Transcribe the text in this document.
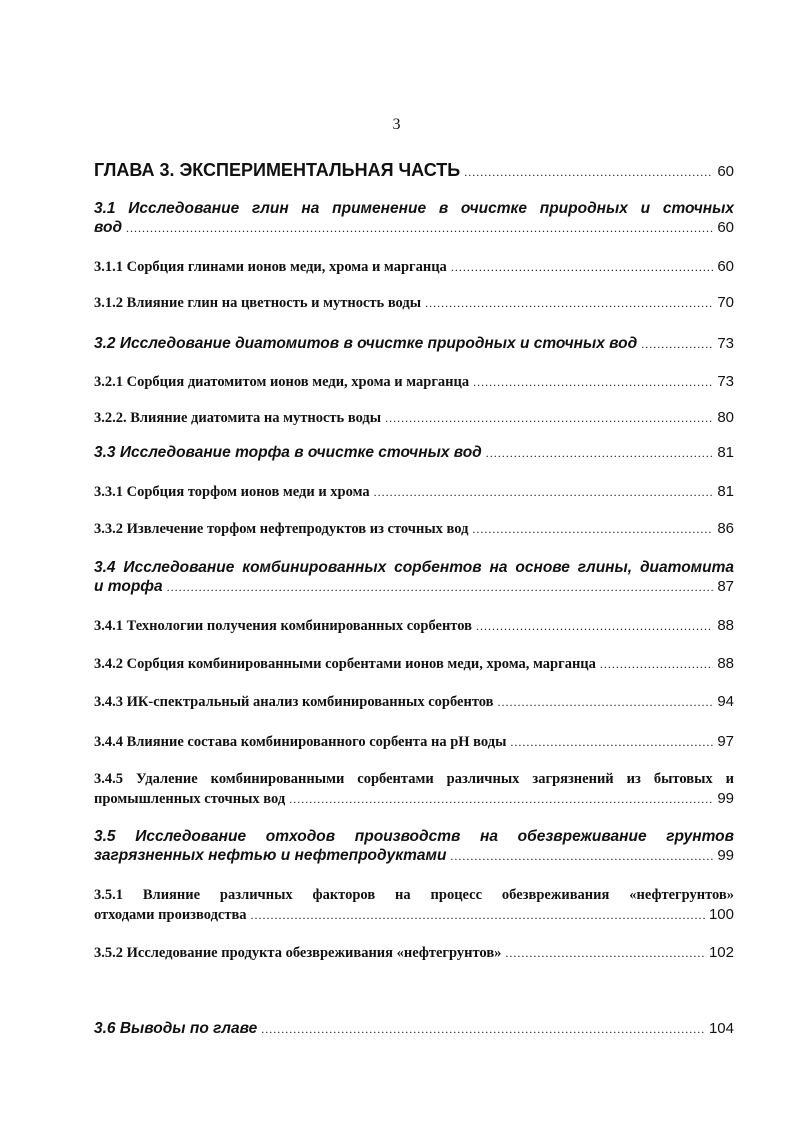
3
ГЛАВА 3. ЭКСПЕРИМЕНТАЛЬНАЯ ЧАСТЬ .....	60
3.1 Исследование глин на применение в очистке природных и сточных
вод .....	60
3.1.1 Сорбция глинами ионов меди, хрома и марганца .....	60
3.1.2 Влияние глин на цветность и мутность воды .....	70
3.2 Исследование диатомитов в очистке природных и сточных вод .....	73
3.2.1 Сорбция диатомитом ионов меди, хрома и марганца .....	73
3.2.2. Влияние диатомита на мутность воды .....	80
3.3 Исследование торфа в очистке сточных вод .....	81
3.3.1 Сорбция торфом ионов меди и хрома .....	81
3.3.2 Извлечение торфом нефтепродуктов из сточных вод .....	86
3.4 Исследование комбинированных сорбентов на основе глины, диатомита
и торфа .....	87
3.4.1 Технологии получения комбинированных сорбентов .....	88
3.4.2 Сорбция комбинированными сорбентами ионов меди, хрома, марганца .....	88
3.4.3 ИК-спектральный анализ комбинированных сорбентов .....	94
3.4.4 Влияние состава комбинированного сорбента на pH воды .....	97
3.4.5 Удаление комбинированными сорбентами различных загрязнений из бытовых и
промышленных сточных вод .....	99
3.5 Исследование отходов производств на обезвреживание грунтов
загрязненных нефтью и нефтепродуктами .....	99
3.5.1 Влияние различных факторов на процесс обезвреживания «нефтегрунтов»
отходами производства .....	100
3.5.2 Исследование продукта обезвреживания «нефтегрунтов» .....	102
3.6 Выводы по главе .....	104
